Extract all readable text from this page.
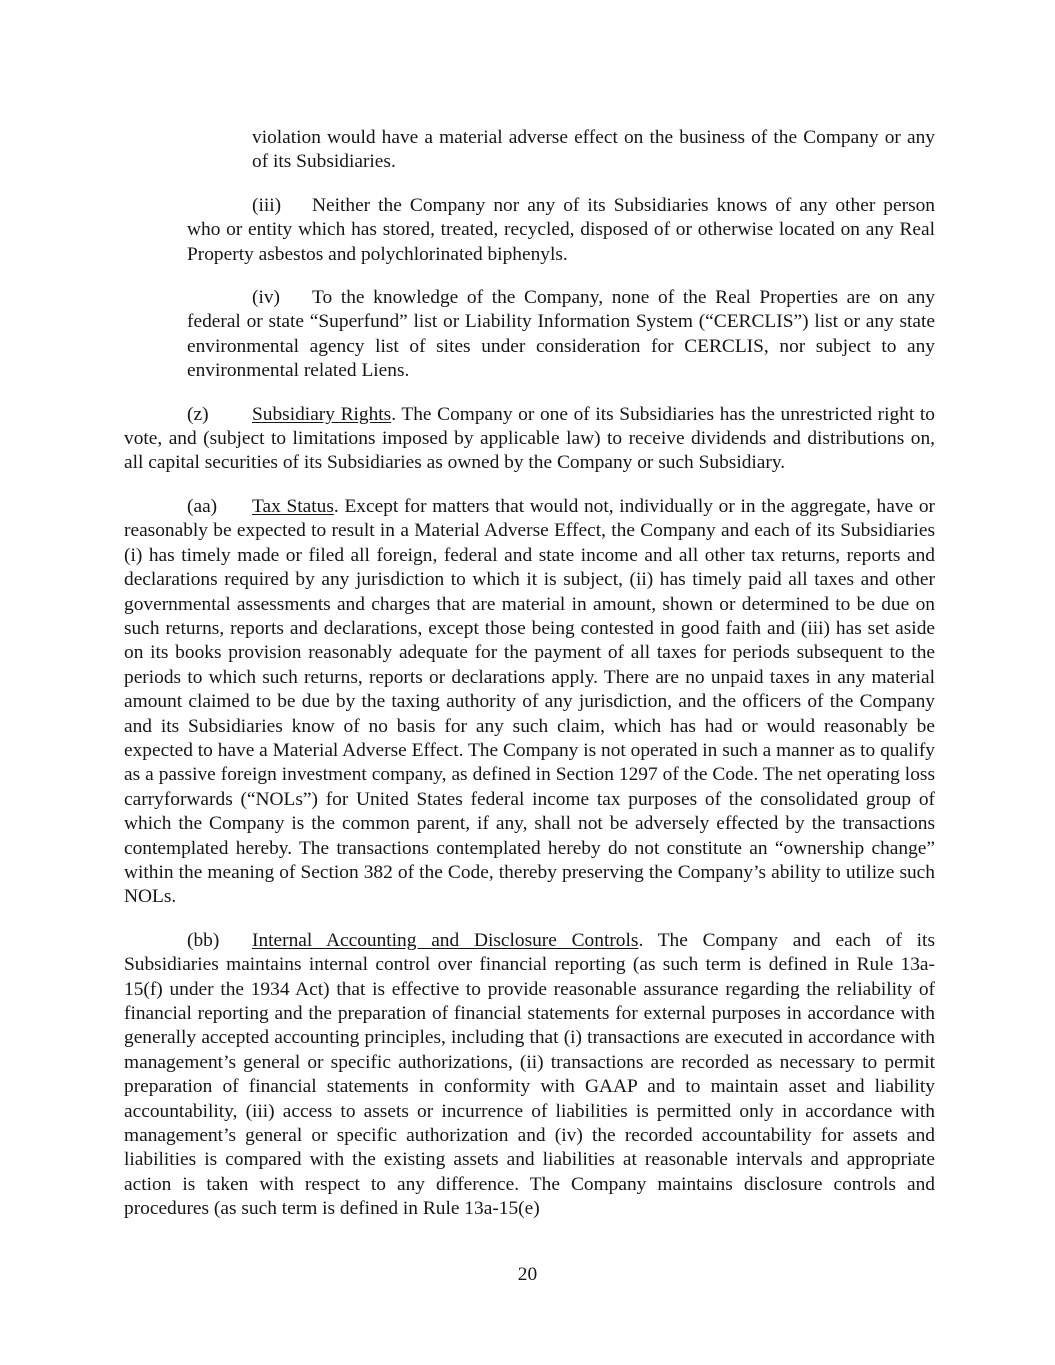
violation would have a material adverse effect on the business of the Company or any of its Subsidiaries.

(iii) Neither the Company nor any of its Subsidiaries knows of any other person who or entity which has stored, treated, recycled, disposed of or otherwise located on any Real Property asbestos and polychlorinated biphenyls.

(iv) To the knowledge of the Company, none of the Real Properties are on any federal or state “Superfund” list or Liability Information System (“CERCLIS”) list or any state environmental agency list of sites under consideration for CERCLIS, nor subject to any environmental related Liens.

(z) Subsidiary Rights. The Company or one of its Subsidiaries has the unrestricted right to vote, and (subject to limitations imposed by applicable law) to receive dividends and distributions on, all capital securities of its Subsidiaries as owned by the Company or such Subsidiary.

(aa) Tax Status. Except for matters that would not, individually or in the aggregate, have or reasonably be expected to result in a Material Adverse Effect, the Company and each of its Subsidiaries (i) has timely made or filed all foreign, federal and state income and all other tax returns, reports and declarations required by any jurisdiction to which it is subject, (ii) has timely paid all taxes and other governmental assessments and charges that are material in amount, shown or determined to be due on such returns, reports and declarations, except those being contested in good faith and (iii) has set aside on its books provision reasonably adequate for the payment of all taxes for periods subsequent to the periods to which such returns, reports or declarations apply. There are no unpaid taxes in any material amount claimed to be due by the taxing authority of any jurisdiction, and the officers of the Company and its Subsidiaries know of no basis for any such claim, which has had or would reasonably be expected to have a Material Adverse Effect. The Company is not operated in such a manner as to qualify as a passive foreign investment company, as defined in Section 1297 of the Code. The net operating loss carryforwards (“NOLs”) for United States federal income tax purposes of the consolidated group of which the Company is the common parent, if any, shall not be adversely effected by the transactions contemplated hereby. The transactions contemplated hereby do not constitute an “ownership change” within the meaning of Section 382 of the Code, thereby preserving the Company’s ability to utilize such NOLs.

(bb) Internal Accounting and Disclosure Controls. The Company and each of its Subsidiaries maintains internal control over financial reporting (as such term is defined in Rule 13a-15(f) under the 1934 Act) that is effective to provide reasonable assurance regarding the reliability of financial reporting and the preparation of financial statements for external purposes in accordance with generally accepted accounting principles, including that (i) transactions are executed in accordance with management’s general or specific authorizations, (ii) transactions are recorded as necessary to permit preparation of financial statements in conformity with GAAP and to maintain asset and liability accountability, (iii) access to assets or incurrence of liabilities is permitted only in accordance with management’s general or specific authorization and (iv) the recorded accountability for assets and liabilities is compared with the existing assets and liabilities at reasonable intervals and appropriate action is taken with respect to any difference. The Company maintains disclosure controls and procedures (as such term is defined in Rule 13a-15(e)

20
